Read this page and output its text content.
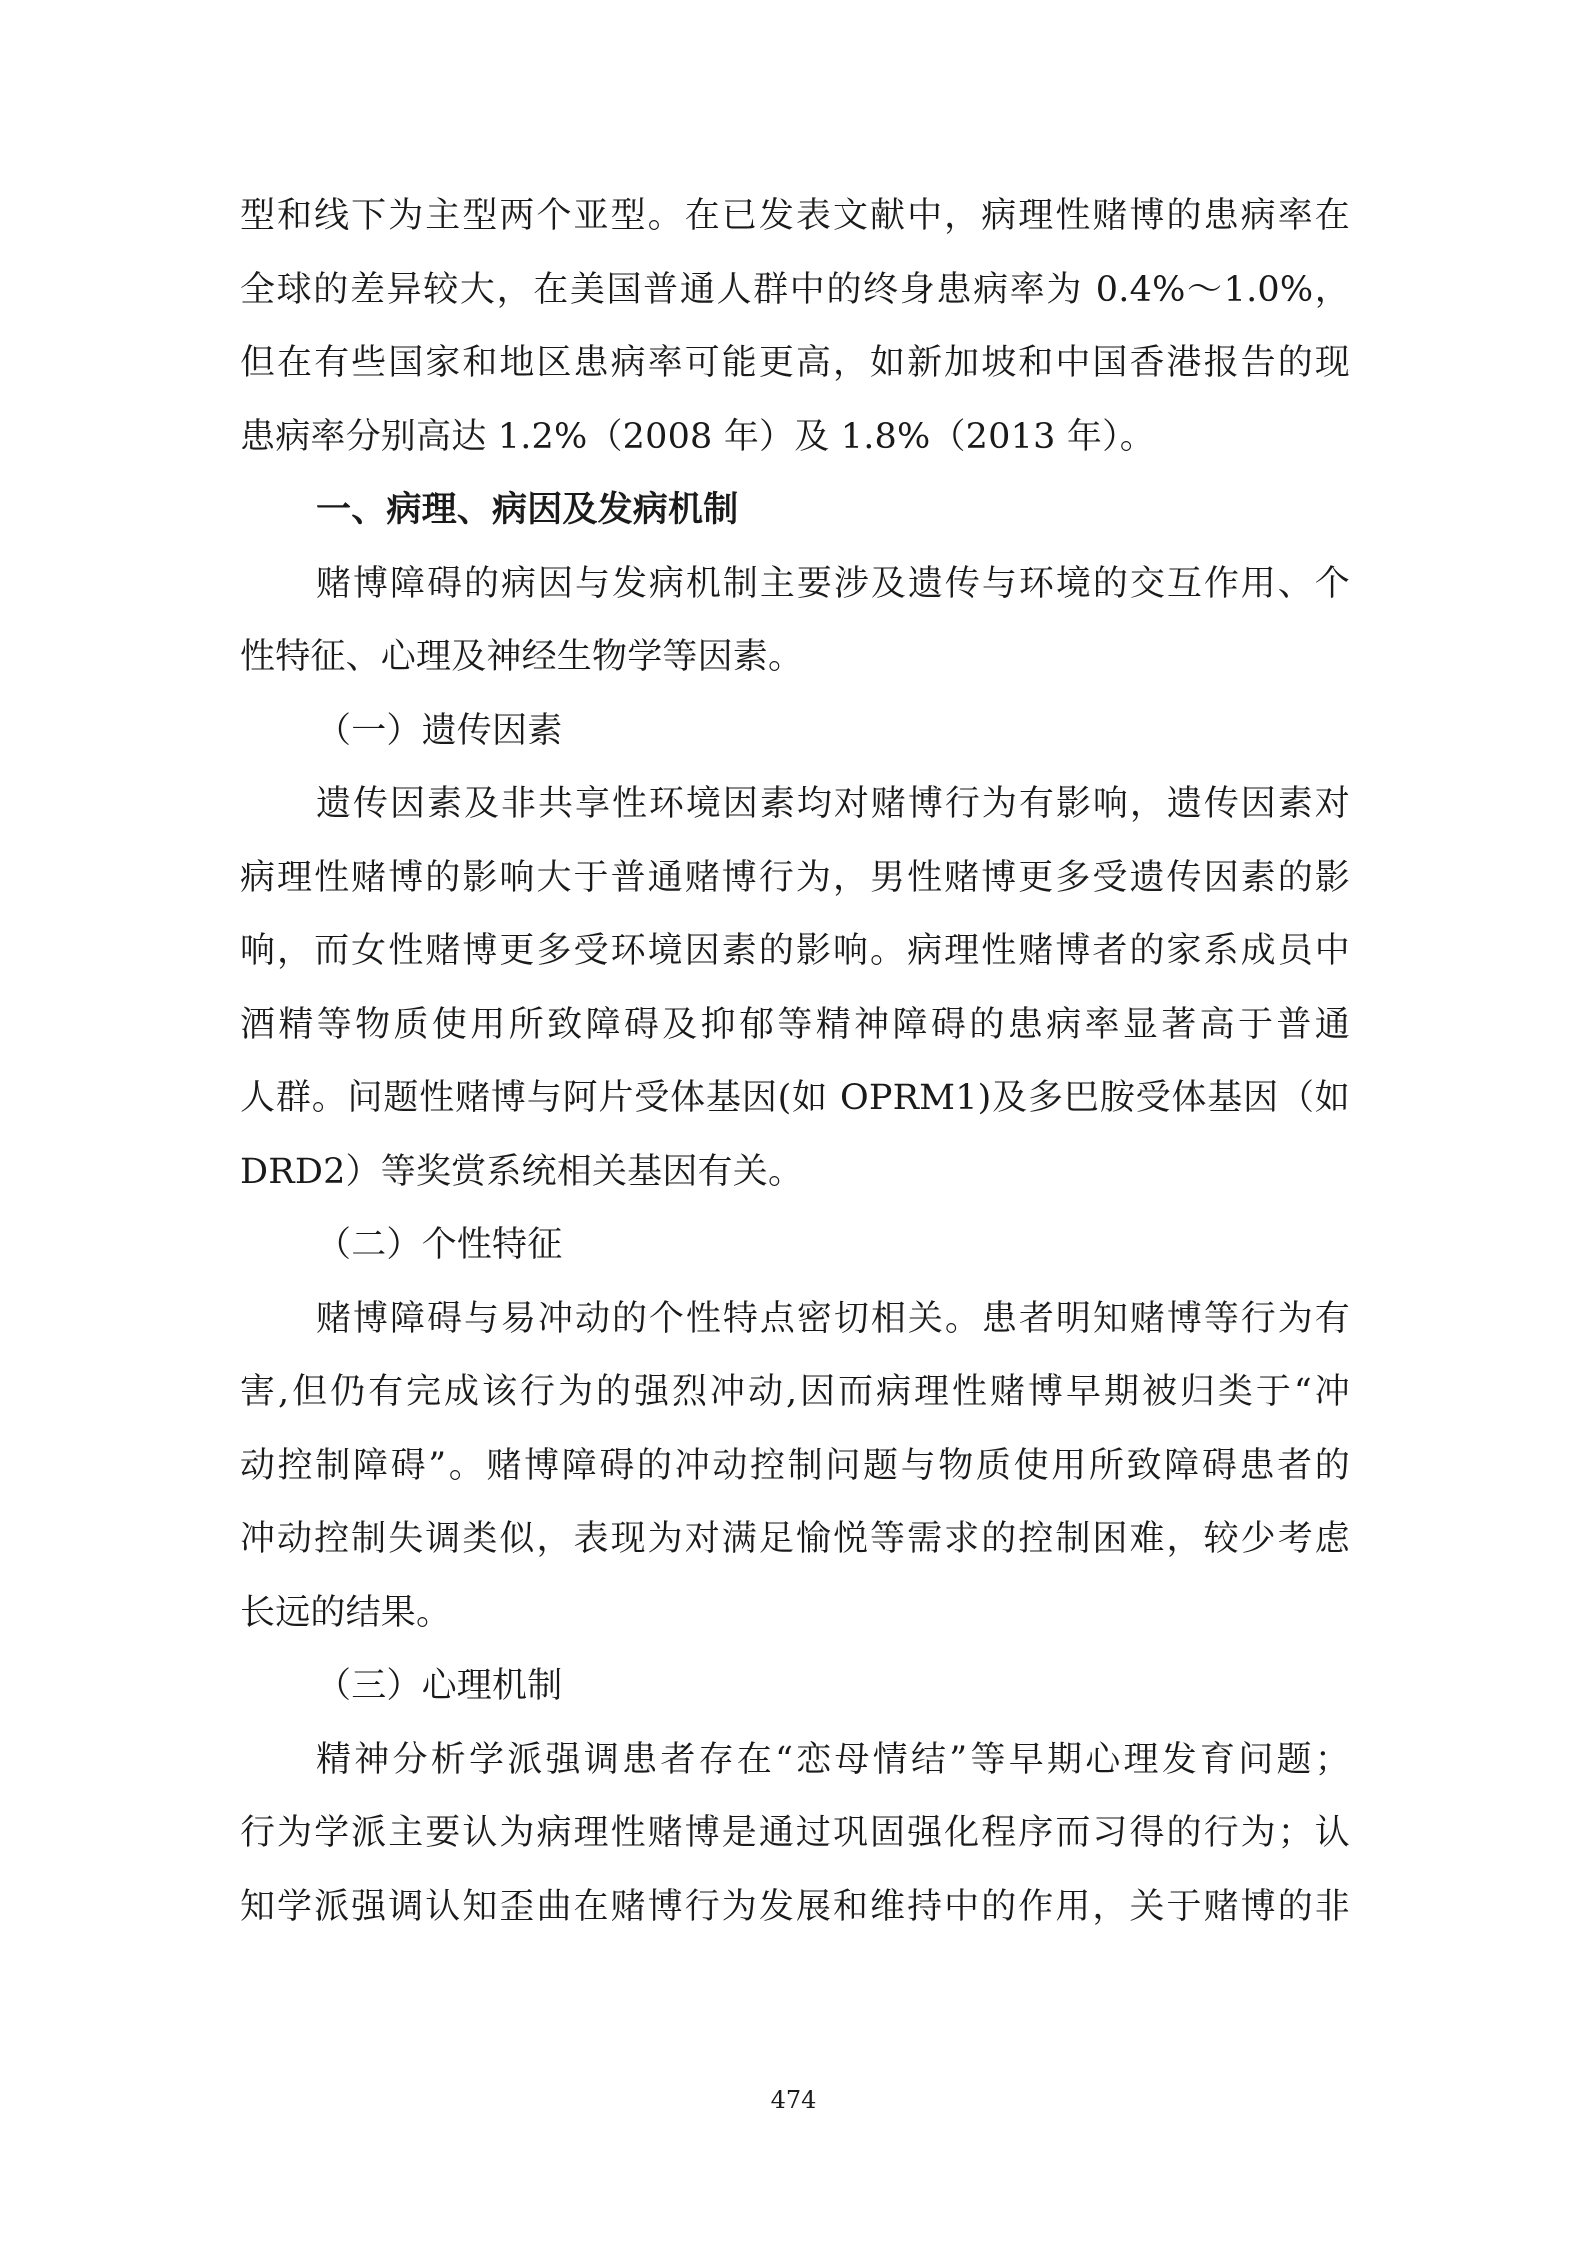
型和线下为主型两个亚型。在已发表文献中，病理性赌博的患病率在
全球的差异较大，在美国普通人群中的终身患病率为 0.4%～1.0%，
但在有些国家和地区患病率可能更高，如新加坡和中国香港报告的现
患病率分别高达 1.2%（2008 年）及 1.8%（2013 年）。
一、病理、病因及发病机制
赌博障碍的病因与发病机制主要涉及遗传与环境的交互作用、个
性特征、心理及神经生物学等因素。
（一）遗传因素
遗传因素及非共享性环境因素均对赌博行为有影响，遗传因素对
病理性赌博的影响大于普通赌博行为，男性赌博更多受遗传因素的影
响，而女性赌博更多受环境因素的影响。病理性赌博者的家系成员中
酒精等物质使用所致障碍及抑郁等精神障碍的患病率显著高于普通
人群。问题性赌博与阿片受体基因(如 OPRM1)及多巴胺受体基因（如
DRD2）等奖赏系统相关基因有关。
（二）个性特征
赌博障碍与易冲动的个性特点密切相关。患者明知赌博等行为有
害,但仍有完成该行为的强烈冲动,因而病理性赌博早期被归类于“冲
动控制障碍”。赌博障碍的冲动控制问题与物质使用所致障碍患者的
冲动控制失调类似，表现为对满足愉悦等需求的控制困难，较少考虑
长远的结果。
（三）心理机制
精神分析学派强调患者存在“恋母情结”等早期心理发育问题；
行为学派主要认为病理性赌博是通过巩固强化程序而习得的行为；认
知学派强调认知歪曲在赌博行为发展和维持中的作用，关于赌博的非
474
